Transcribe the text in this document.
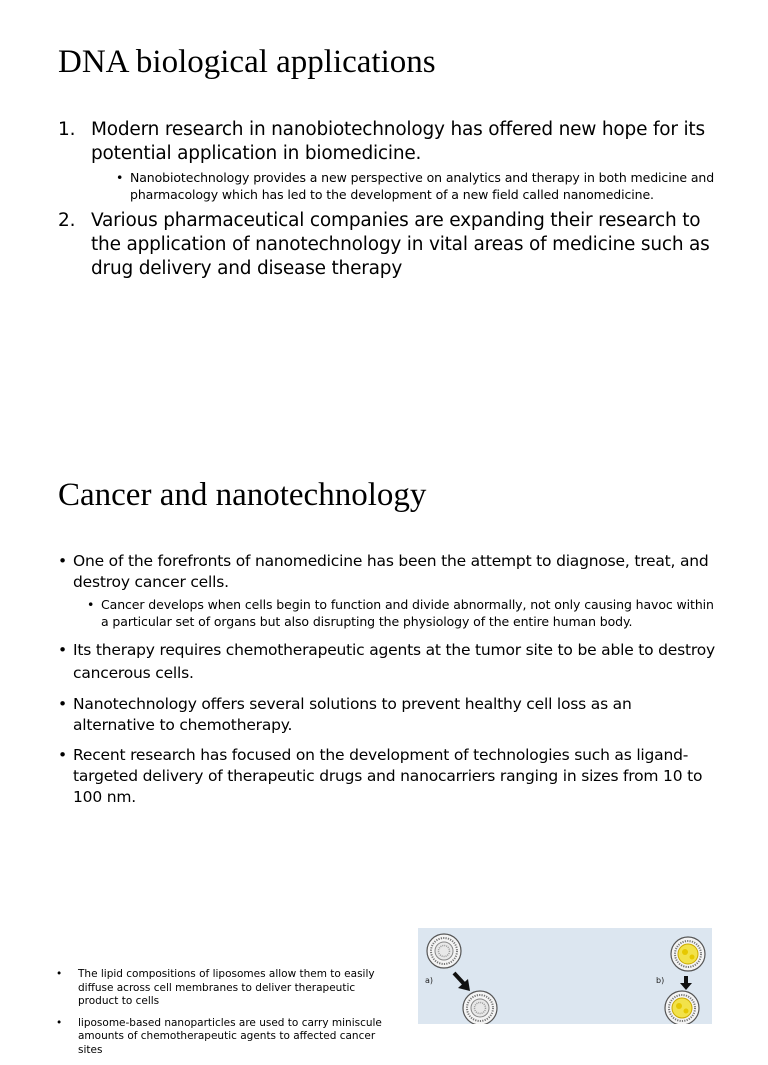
DNA biological applications
1. Modern research in nanobiotechnology has offered new hope for its potential application in biomedicine.
• Nanobiotechnology provides a new perspective on analytics and therapy in both medicine and pharmacology which has led to the development of a new field called nanomedicine.
2. Various pharmaceutical companies are expanding their research to the application of nanotechnology in vital areas of medicine such as drug delivery and disease therapy
Cancer and nanotechnology
• One of the forefronts of nanomedicine has been the attempt to diagnose, treat, and destroy cancer cells.
• Cancer develops when cells begin to function and divide abnormally, not only causing havoc within a particular set of organs but also disrupting the physiology of the entire human body.
• Its therapy requires chemotherapeutic agents at the tumor site to be able to destroy cancerous cells.
• Nanotechnology offers several solutions to prevent healthy cell loss as an alternative to chemotherapy.
• Recent research has focused on the development of technologies such as ligand-targeted delivery of therapeutic drugs and nanocarriers ranging in sizes from 10 to 100 nm.
• The lipid compositions of liposomes allow them to easily diffuse across cell membranes to deliver therapeutic product to cells
• liposome-based nanoparticles are used to carry miniscule amounts of chemotherapeutic agents to affected cancer sites
a)	b)
